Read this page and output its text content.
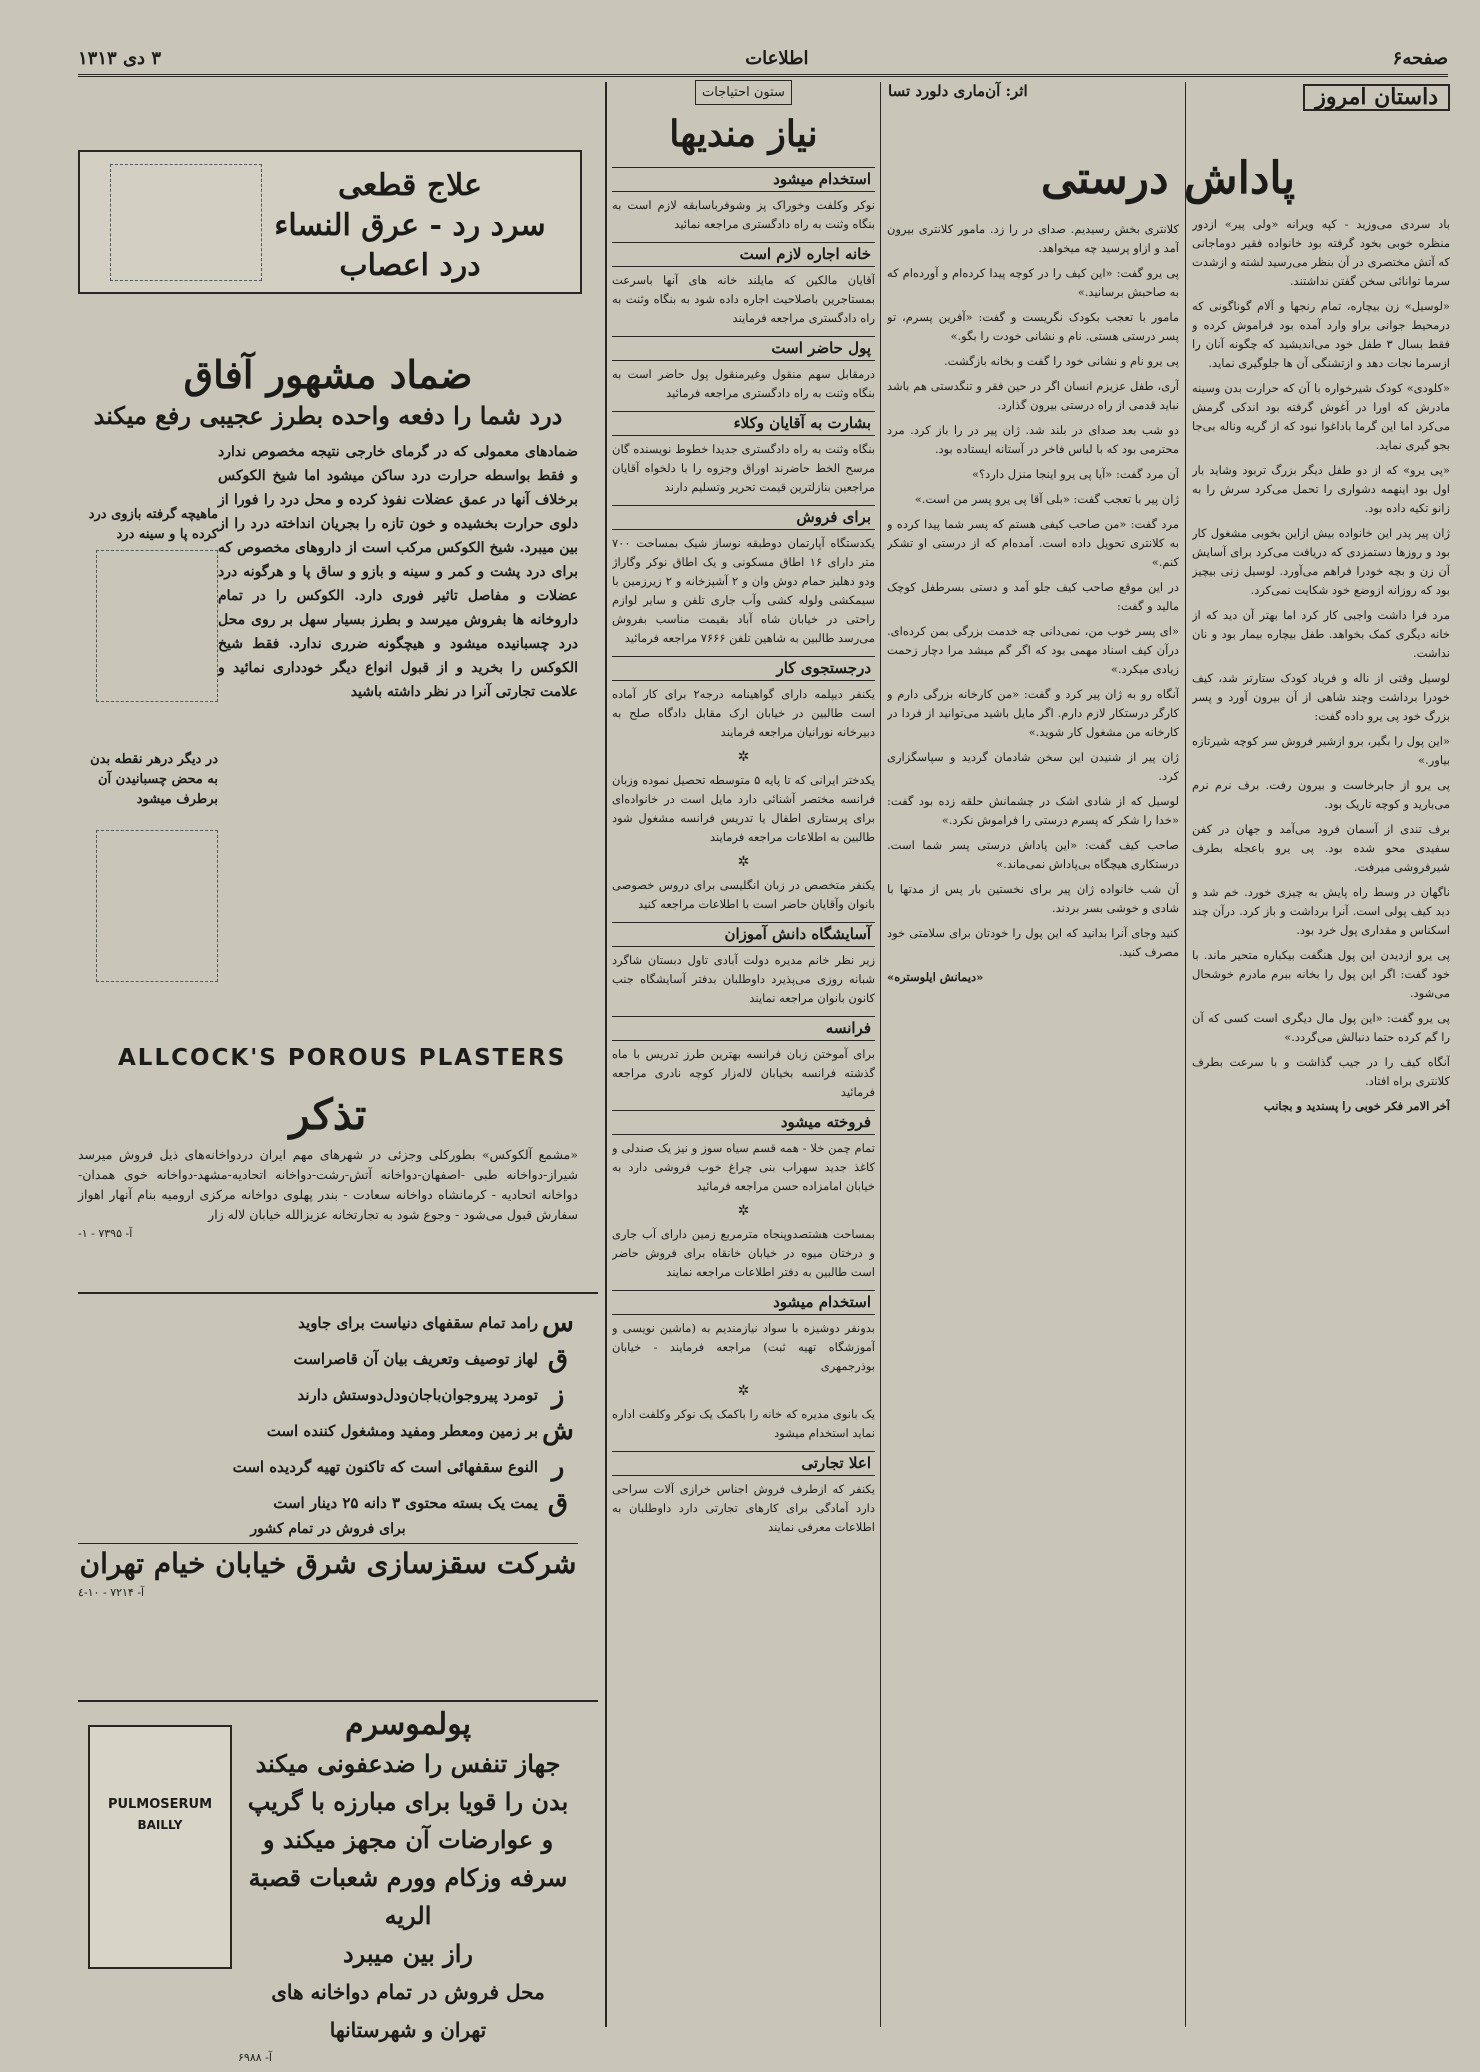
صفحه۶
اطلاعات
۳ دی ۱۳۱۳
داستان امروز

باد سردی می‌وزید - کپه ویرانه «ولی پیر» ازدور منظره خوبی بخود گرفته بود خانواده فقیر دوماجانی که آتش مختصری در آن بنظر می‌رسید لشته و ازشدت سرما توانائی سخن گفتن نداشتند.

«لوسیل» زن بیچاره، تمام رنجها و آلام گوناگونی که درمحیط جوانی براو وارد آمده بود فراموش کرده و فقط بسال ۳ طفل خود می‌اندیشید که چگونه آنان را ازسرما نجات دهد و ازتشنگی آن ها جلوگیری نماید.

«کلودی» کودک شیرخواره با آن که حرارت بدن وسینه مادرش که اورا در آغوش گرفته بود اندکی گرمش می‌کرد اما این گرما باداغوا نبود که از گریه وناله بی‌جا بجو گیری نماید.

«پی یرو» که از دو طفل دیگر بزرگ تربود وشاید بار اول بود اینهمه دشواری را تحمل می‌کرد سرش را به زانو تکیه داده بود.

ژان پیر پدر این خانواده بیش ازاین بخوبی مشغول کار بود و روزها دستمزدی که دریافت می‌کرد برای آسایش آن زن و بچه خودرا فراهم می‌آورد. لوسیل زنی بیچیز بود که روزانه ازوضع خود شکایت نمی‌کرد.

مرد فرا داشت واجبی کار کرد اما بهتر آن دید که از خانه دیگری کمک بخواهد. طفل بیچاره بیمار بود و نان نداشت.

لوسیل وقتی از ناله و فریاد کودک ستارتر شد، کیف خودرا برداشت وچند شاهی از آن بیرون آورد و پسر بزرگ خود پی یرو داده گفت:

«این پول را بگیر، برو ازشیر فروش سر کوچه شیرتازه بیاور.»

پی یرو از جابرخاست و بیرون رفت. برف نرم نرم می‌بارید و کوچه تاریک بود.

برف تندی از آسمان فرود می‌آمد و جهان در کفن سفیدی محو شده بود. پی یرو باعجله بطرف شیرفروشی میرفت.

ناگهان در وسط راه پایش به چیزی خورد. خم شد و دید کیف پولی است. آنرا برداشت و باز کرد. درآن چند اسکناس و مقداری پول خرد بود.

پی یرو ازدیدن این پول هنگفت بیکباره متحیر ماند. با خود گفت: اگر این پول را بخانه ببرم مادرم خوشحال می‌شود.

پی یرو گفت: «این پول مال دیگری است کسی که آن را گم کرده حتما دنبالش می‌گردد.»

آنگاه کیف را در جیب گذاشت و با سرعت بطرف کلانتری براه افتاد.

آخر الامر فکر خوبی را پسندید و بجانب

اثر: آن‌ماری دلورد تسا
پاداش درستی

کلانتری بخش رسیدیم. صدای در را زد. مامور کلانتری بیرون آمد و ازاو پرسید چه میخواهد.

پی یرو گفت: «این کیف را در کوچه پیدا کرده‌ام و آورده‌ام که به صاحبش برسانید.»

مامور با تعجب بکودک نگریست و گفت: «آفرین پسرم، تو پسر درستی هستی. نام و نشانی خودت را بگو.»

پی یرو نام و نشانی خود را گفت و بخانه بازگشت.

آری، طفل عزیزم انسان اگر در حین فقر و تنگدستی هم باشد نباید قدمی از راه درستی بیرون گذارد.

دو شب بعد صدای در بلند شد. ژان پیر در را باز کرد. مرد محترمی بود که با لباس فاخر در آستانه ایستاده بود.

آن مرد گفت: «آیا پی یرو اینجا منزل دارد؟»

ژان پیر با تعجب گفت: «بلی آقا پی یرو پسر من است.»

مرد گفت: «من صاحب کیفی هستم که پسر شما پیدا کرده و به کلانتری تحویل داده است. آمده‌ام که از درستی او تشکر کنم.»

در این موقع صاحب کیف جلو آمد و دستی بسرطفل کوچک مالید و گفت:

«ای پسر خوب من، نمی‌دانی چه خدمت بزرگی بمن کرده‌ای. درآن کیف اسناد مهمی بود که اگر گم میشد مرا دچار زحمت زیادی میکرد.»

آنگاه رو به ژان پیر کرد و گفت: «من کارخانه بزرگی دارم و کارگر درستکار لازم دارم. اگر مایل باشید می‌توانید از فردا در کارخانه من مشغول کار شوید.»

ژان پیر از شنیدن این سخن شادمان گردید و سپاسگزاری کرد.

لوسیل که از شادی اشک در چشمانش حلقه زده بود گفت: «خدا را شکر که پسرم درستی را فراموش نکرد.»

صاحب کیف گفت: «این پاداش درستی پسر شما است. درستکاری هیچگاه بی‌پاداش نمی‌ماند.»

آن شب خانواده ژان پیر برای نخستین بار پس از مدتها با شادی و خوشی بسر بردند.

کنید وجای آنرا بدانید که این پول را خودتان برای سلامتی خود مصرف کنید.

«دیمانش ایلوستره»

ستون احتیاجات
نیاز مندیها
استخدام میشود

نوکر وکلفت وخوراک پز وشوفرباسابقه لازم است به بنگاه وثنت به راه دادگستری مراجعه نمائید

خانه اجاره لازم است

آقایان مالکین که مایلند خانه های آنها باسرعت بمستاجرین باصلاحیت اجاره داده شود به بنگاه وثنت به راه دادگستری مراجعه فرمایند

پول حاضر است

درمقابل سهم منقول وغیرمنقول پول حاضر است به بنگاه وثنت به راه دادگستری مراجعه فرمائید

بشارت به آقایان وکلاء

بنگاه وثنت به راه دادگستری جدیدا خطوط نویسنده گان مرسح الخط حاضرند اوراق وجزوه را با دلخواه آقایان مراجعین بنازلترین قیمت تحریر وتسلیم دارند

برای فروش

یکدستگاه آپارتمان دوطبقه نوساز شیک بمساحت ۷۰۰ متر دارای ۱۶ اطاق مسکونی و یک اطاق نوکر وگاراژ ودو دهلیز حمام دوش وان و ۲ آشپزخانه و ۲ زیرزمین با سیمکشی ولوله کشی وآب جاری تلفن و سایر لوازم راحتی در خیابان شاه آباد بقیمت مناسب بفروش می‌رسد طالبین به شاهین تلفن ۷۶۶۶ مراجعه فرمائید

درجستجوی کار

یکنفر دیپلمه دارای گواهینامه درجه۲ برای کار آماده است طالبین در خیابان ارک مقابل دادگاه صلح به دبیرخانه نورانیان مراجعه فرمایند

✲

یکدختر ایرانی که تا پایه ۵ متوسطه تحصیل نموده وزبان فرانسه مختصر آشنائی دارد مایل است در خانواده‌ای برای پرستاری اطفال یا تدریس فرانسه مشغول شود طالبین به اطلاعات مراجعه فرمایند

✲

یکنفر متخصص در زبان انگلیسی برای دروس خصوصی بانوان وآقایان حاضر است با اطلاعات مراجعه کنید

آسایشگاه دانش آموزان

زیر نظر خانم مدیره دولت آبادی تاول دبستان شاگرد شبانه روزی می‌پذیرد داوطلبان بدفتر آسایشگاه جنب کانون بانوان مراجعه نمایند

فرانسه

برای آموختن زبان فرانسه بهترین طرز تدریس با ماه گذشته فرانسه بخیابان لاله‌زار کوچه نادری مراجعه فرمائید

فروخته میشود

تمام چمن خلا - همه قسم سیاه سوز و نیز یک صندلی و کاغذ جدید سهراب بنی چراغ خوب فروشی دارد به خیابان امامزاده حسن مراجعه فرمائید

✲

بمساحت هشتصدوپنجاه مترمربع زمین دارای آب جاری و درختان میوه در خیابان خانقاه برای فروش حاضر است طالبین به دفتر اطلاعات مراجعه نمایند

استخدام میشود

بدونفر دوشیزه با سواد نیازمندیم به (ماشین نویسی و آموزشگاه تهیه ثبت) مراجعه فرمایند - خیابان بوذرجمهری

✲

یک بانوی مدیره که خانه را باکمک یک نوکر وکلفت اداره نماید استخدام میشود

اعلا تجارتی

یکنفر که ازطرف فروش اجناس خرازی آلات سراحی دارد آمادگی برای کارهای تجارتی دارد داوطلبان به اطلاعات معرفی نمایند

علاج قطعی
سرد رد - عرق النساء
درد اعصاب
ضماد مشهور آفاق
درد شما را دفعه واحده بطرز عجیبی رفع میکند
ضمادهای معمولی که در گرمای خارجی نتیجه مخصوص ندارد و فقط بواسطه حرارت درد ساکن میشود اما شیخ الکوکس برخلاف آنها در عمق عضلات نفوذ کرده و محل درد را فورا از دلوی حرارت بخشیده و خون تازه را بجریان انداخته درد را از بین میبرد. شیخ الکوکس مرکب است از داروهای مخصوص که برای درد پشت و کمر و سینه و بازو و ساق پا و هرگونه درد عضلات و مفاصل تاثیر فوری دارد. الکوکس را در تمام داروخانه ها بفروش میرسد و بطرز بسیار سهل بر روی محل درد چسبانیده میشود و هیچگونه ضرری ندارد. فقط شیخ الکوکس را بخرید و از قبول انواع دیگر خودداری نمائید و علامت تجارتی آنرا در نظر داشته باشید
ماهیچه گرفته بازوی درد کرده پا و سینه درد
در دیگر درهر نقطه بدن به محض چسبانیدن آن برطرف میشود
ALLCOCK'S POROUS PLASTERS
تذکر
«مشمع آلکوکس» بطورکلی وجزئی در شهرهای مهم ایران دردواخانه‌های ذیل فروش میرسد شیراز-دواخانه طبی -اصفهان-دواخانه آتش-رشت-دواخانه اتحادیه-مشهد-دواخانه خوی همدان-دواخانه اتحادیه - کرمانشاه دواخانه سعادت - بندر پهلوی دواخانه مرکزی ارومیه بنام آنهار اهواز سفارش قبول می‌شود - وجوع شود به تجارتخانه عزیزالله خیابان لاله زار
آ- ۷۳۹۵ - ۱-
س
رامد تمام سقفهای دنیاست برای جاوید
ق
لهاز توصیف وتعریف بیان آن قاصراست
ز
تومرد پیروجوان‌باجان‌ودل‌دوستش دارند
ش
بر زمین ومعطر ومفید ومشغول کننده است
ر
النوع سقفهائی است که تاکنون تهیه گردیده است
ق
یمت یک بسته محتوی ۳ دانه ۲۵ دینار است
برای فروش در تمام کشور
شرکت سقزسازی شرق خیابان خیام تهران
آ- ۷۲۱۴ - ۱۰-٤
PULMOSERUM
BAILLY
پولموسرم
جهاز تنفس را ضدعفونی میکند
بدن را قویا برای مبارزه با گریپ
و عوارضات آن مجهز میکند و
سرفه وزکام وورم شعبات قصبة الریه
راز بین میبرد
محل فروش در تمام دواخانه های
تهران و شهرستانها
آ- ۶۹۸۸
